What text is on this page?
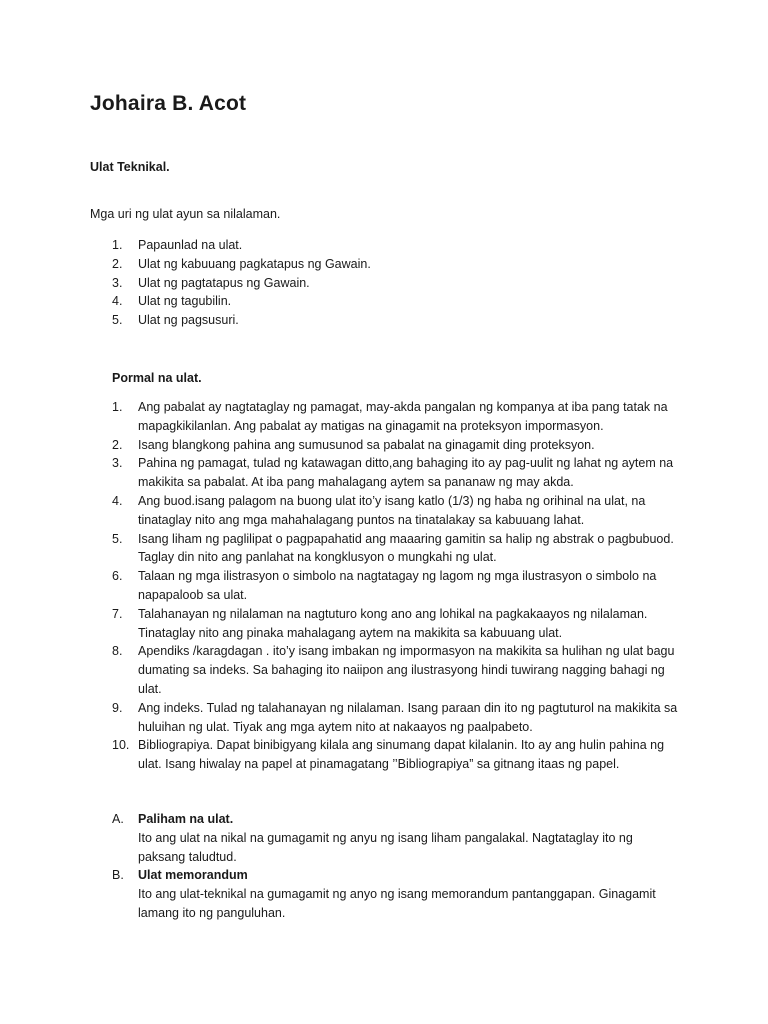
Johaira B. Acot
Ulat Teknikal.
Mga uri ng ulat ayun sa nilalaman.
1. Papaunlad na ulat.
2. Ulat ng kabuuang pagkatapus ng Gawain.
3. Ulat ng pagtatapus ng Gawain.
4. Ulat ng tagubilin.
5. Ulat ng pagsusuri.
Pormal na ulat.
1. Ang pabalat ay nagtataglay ng pamagat, may-akda pangalan ng kompanya at iba pang tatak na mapagkikilanlan. Ang pabalat ay matigas na ginagamit na proteksyon impormasyon.
2. Isang blangkong pahina ang sumusunod sa pabalat na ginagamit ding proteksyon.
3. Pahina ng pamagat, tulad ng katawagan ditto,ang bahaging ito ay pag-uulit ng lahat ng aytem na makikita sa pabalat. At iba pang mahalagang aytem sa pananaw ng may akda.
4. Ang buod.isang palagom na buong ulat ito’y isang katlo (1/3) ng haba ng orihinal na ulat, na tinataglay nito ang mga mahahalagang puntos na tinatalakay sa kabuuang lahat.
5. Isang liham ng paglilipat o pagpapahatid ang maaaring gamitin sa halip ng abstrak o pagbubuod. Taglay din nito ang panlahat na kongklusyon o mungkahi ng ulat.
6. Talaan ng mga ilistrasyon o simbolo na nagtatagay ng lagom ng mga ilustrasyon o simbolo na napapaloob sa ulat.
7. Talahanayan ng nilalaman na nagtuturo kong ano ang lohikal na pagkakaayos ng nilalaman. Tinataglay nito ang pinaka mahalagang aytem na makikita sa kabuuang ulat.
8. Apendiks /karagdagan . ito’y isang imbakan ng impormasyon na makikita sa hulihan ng ulat bagu dumating sa indeks. Sa bahaging ito naiipon ang ilustrasyong hindi tuwirang nagging bahagi ng ulat.
9. Ang indeks. Tulad ng talahanayan ng nilalaman. Isang paraan din ito ng pagtuturol na makikita sa huluihan ng ulat. Tiyak ang mga aytem nito at nakaayos ng paalpabeto.
10. Bibliograpiya. Dapat binibigyang kilala ang sinumang dapat kilalanin. Ito ay ang hulin pahina ng ulat. Isang hiwalay na papel at pinamagatang ’’Bibliograpiya” sa gitnang itaas ng papel.
A. Paliham na ulat.
Ito ang ulat na nikal na gumagamit ng anyu ng isang liham pangalakal. Nagtataglay ito ng paksang taludtud.
B. Ulat memorandum
Ito ang ulat-teknikal na gumagamit ng anyo ng isang memorandum pantanggapan. Ginagamit lamang ito ng panguluhan.
